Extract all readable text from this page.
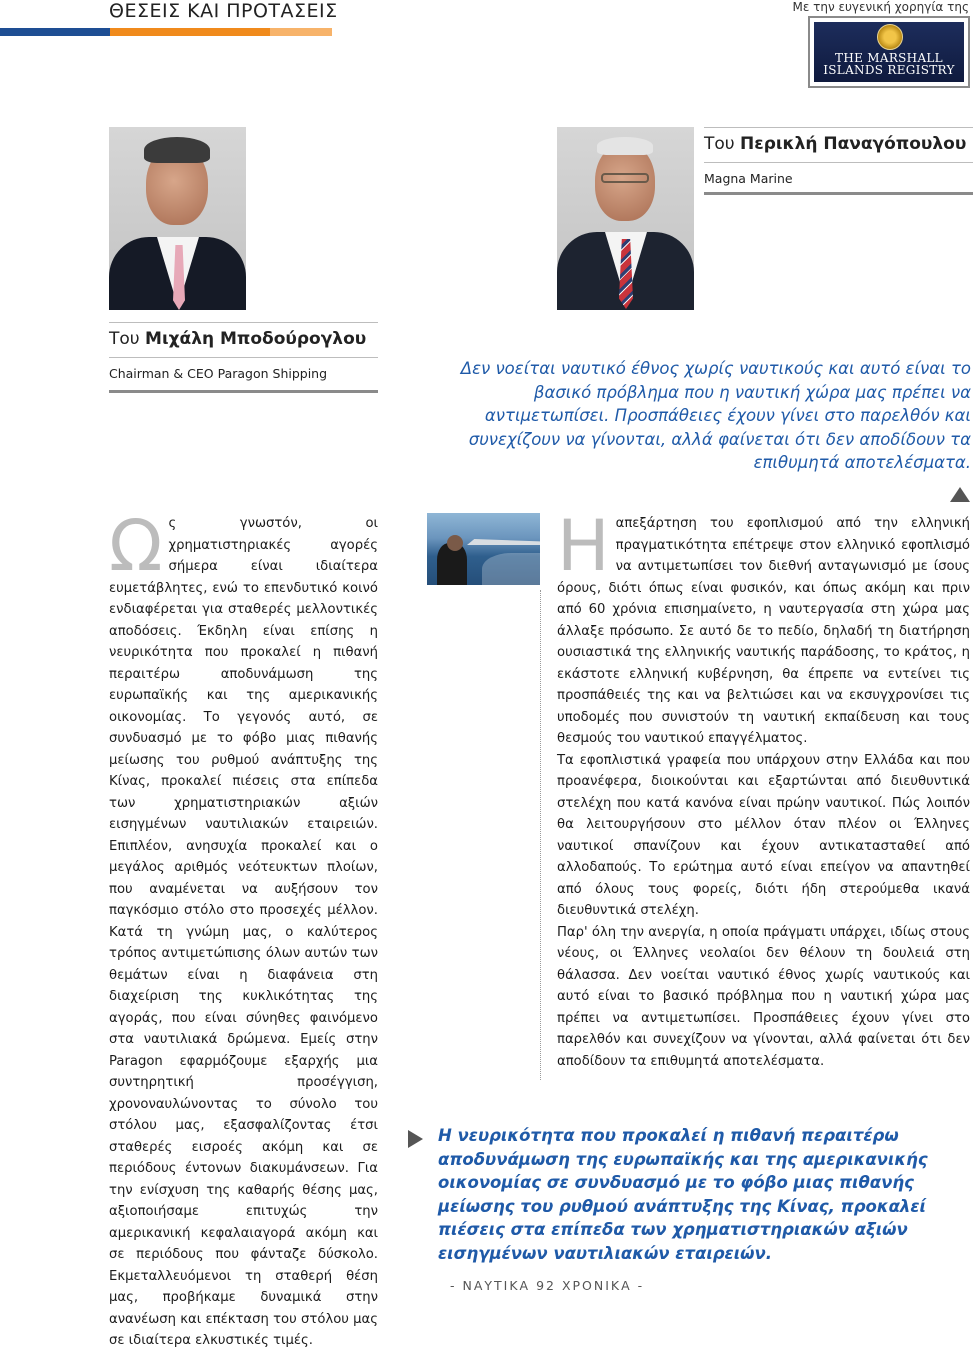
ΘΕΣΕΙΣ ΚΑΙ ΠΡΟΤΑΣΕΙΣ	Με την ευγενική χορηγία της
THE MARSHALL ISLANDS REGISTRY
Του Περικλή Παναγόπουλου
Magna Marine
Του Μιχάλη Μποδούρογλου
Chairman & CEO Paragon Shipping	Δεν νοείται ναυτικό έθνος χωρίς ναυτικούς και αυτό είναι το βασικό πρόβλημα που η ναυτική χώρα μας πρέπει να αντιμετωπίσει. Προσπάθειες έχουν γίνει στο παρελθόν και συνεχίζουν να γίνονται, αλλά φαίνεται ότι δεν αποδίδουν τα επιθυμητά αποτελέσματα.
Ως γνωστόν, οι χρηματιστηριακές αγορές σήμερα είναι ιδιαίτερα ευμετάβλητες, ενώ το επενδυτικό κοινό ενδιαφέρεται για σταθερές μελλοντικές αποδόσεις. Έκδηλη είναι επίσης η νευρικότητα που προκαλεί η πιθανή περαιτέρω αποδυνάμωση της ευρωπαϊκής και της αμερικανικής οικονομίας. Το γεγονός αυτό, σε συνδυασμό με το φόβο μιας πιθανής μείωσης του ρυθμού ανάπτυξης της Κίνας, προκαλεί πιέσεις στα επίπεδα των χρηματιστηριακών αξιών εισηγμένων ναυτιλιακών εταιρειών. Επιπλέον, ανησυχία προκαλεί και ο μεγάλος αριθμός νεότευκτων πλοίων, που αναμένεται να αυξήσουν τον παγκόσμιο στόλο στο προσεχές μέλλον. Κατά τη γνώμη μας, ο καλύτερος τρόπος αντιμετώπισης όλων αυτών των θεμάτων είναι η διαφάνεια στη διαχείριση της κυκλικότητας της αγοράς, που είναι σύνηθες φαινόμενο στα ναυτιλιακά δρώμενα. Εμείς στην Paragon εφαρμόζουμε εξαρχής μια συντηρητική προσέγγιση, χρονοναυλώνοντας το σύνολο του στόλου μας, εξασφαλίζοντας έτσι σταθερές εισροές ακόμη και σε περιόδους έντονων διακυμάνσεων. Για την ενίσχυση της καθαρής θέσης μας, αξιοποιήσαμε επιτυχώς την αμερικανική κεφαλαιαγορά ακόμη και σε περιόδους που φάνταζε δύσκολο. Εκμεταλλευόμενοι τη σταθερή θέση μας, προβήκαμε δυναμικά στην ανανέωση και επέκταση του στόλου μας σε ιδιαίτερα ελκυστικές τιμές.
Ηαπεξάρτηση του εφοπλισμού από την ελληνική πραγματικότητα επέτρεψε στον ελληνικό εφοπλισμό να αντιμετωπίσει τον διεθνή ανταγωνισμό με ίσους όρους, διότι όπως είναι φυσικόν, και όπως ακόμη και πριν από 60 χρόνια επισημαίνετο, η ναυτεργασία στη χώρα μας άλλαξε πρόσωπο. Σε αυτό δε το πεδίο, δηλαδή τη διατήρηση ουσιαστικά της ελληνικής ναυτικής παράδοσης, το κράτος, η εκάστοτε ελληνική κυβέρνηση, θα έπρεπε να εντείνει τις προσπάθειές της και να βελτιώσει και να εκσυγχρονίσει τις υποδομές που συνιστούν τη ναυτική εκπαίδευση και τους θεσμούς του ναυτικού επαγγέλματος.
Τα εφοπλιστικά γραφεία που υπάρχουν στην Ελλάδα και που προανέφερα, διοικούνται και εξαρτώνται από διευθυντικά στελέχη που κατά κανόνα είναι πρώην ναυτικοί. Πώς λοιπόν θα λειτουργήσουν στο μέλλον όταν πλέον οι Έλληνες ναυτικοί σπανίζουν και έχουν αντικατασταθεί από αλλοδαπούς. Το ερώτημα αυτό είναι επείγον να απαντηθεί από όλους τους φορείς, διότι ήδη στερούμεθα ικανά διευθυντικά στελέχη.
Παρ' όλη την ανεργία, η οποία πράγματι υπάρχει, ιδίως στους νέους, οι Έλληνες νεολαίοι δεν θέλουν τη δουλειά στη θάλασσα. Δεν νοείται ναυτικό έθνος χωρίς ναυτικούς και αυτό είναι το βασικό πρόβλημα που η ναυτική χώρα μας πρέπει να αντιμετωπίσει. Προσπάθειες έχουν γίνει στο παρελθόν και συνεχίζουν να γίνονται, αλλά φαίνεται ότι δεν αποδίδουν τα επιθυμητά αποτελέσματα.
Η νευρικότητα που προκαλεί η πιθανή περαιτέρω αποδυνάμωση της ευρωπαϊκής και της αμερικανικής οικονομίας σε συνδυασμό με το φόβο μιας πιθανής μείωσης του ρυθμού ανάπτυξης της Κίνας, προκαλεί πιέσεις στα επίπεδα των χρηματιστηριακών αξιών εισηγμένων ναυτιλιακών εταιρειών.
- ΝΑΥΤΙΚΑ 92 ΧΡΟΝΙΚΑ -
